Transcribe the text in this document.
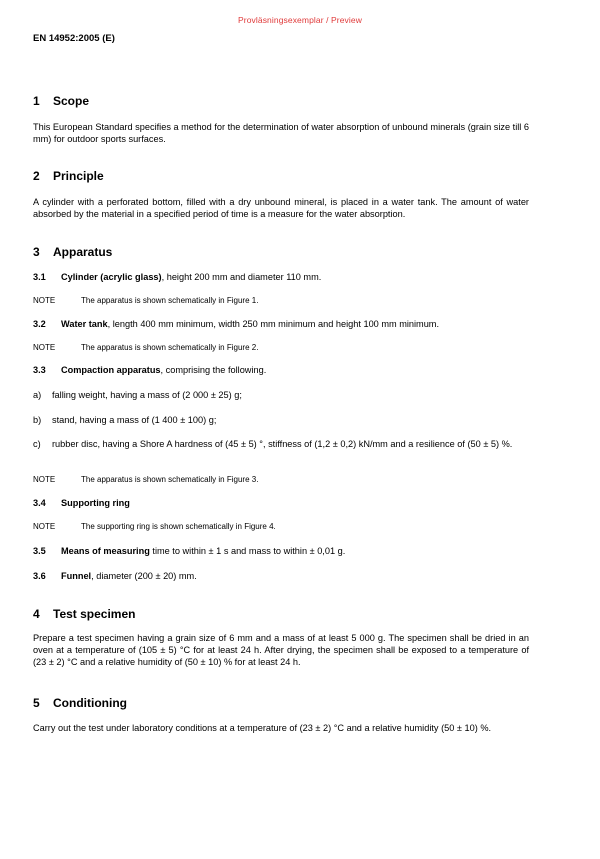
Provläsningsexemplar / Preview
EN 14952:2005 (E)
1 Scope

This European Standard specifies a method for the determination of water absorption of unbound minerals (grain size till 6 mm) for outdoor sports surfaces.

2 Principle

A cylinder with a perforated bottom, filled with a dry unbound mineral, is placed in a water tank. The amount of water absorbed by the material in a specified period of time is a measure for the water absorption.

3 Apparatus

3.1 Cylinder (acrylic glass), height 200 mm and diameter 110 mm.

NOTE	The apparatus is shown schematically in Figure 1.

3.2 Water tank, length 400 mm minimum, width 250 mm minimum and height 100 mm minimum.

NOTE	The apparatus is shown schematically in Figure 2.

3.3 Compaction apparatus, comprising the following.

a) falling weight, having a mass of (2 000 ± 25) g;
b) stand, having a mass of (1 400 ± 100) g;
c) rubber disc, having a Shore A hardness of (45 ± 5) °, stiffness of (1,2 ± 0,2) kN/mm and a resilience of (50 ± 5) %.

NOTE	The apparatus is shown schematically in Figure 3.

3.4 Supporting ring

NOTE	The supporting ring is shown schematically in Figure 4.

3.5 Means of measuring time to within ± 1 s and mass to within ± 0,01 g.

3.6 Funnel, diameter (200 ± 20) mm.

4 Test specimen

Prepare a test specimen having a grain size of 6 mm and a mass of at least 5 000 g. The specimen shall be dried in an oven at a temperature of (105 ± 5) °C for at least 24 h. After drying, the specimen shall be exposed to a temperature of (23 ± 2) °C and a relative humidity of (50 ± 10) % for at least 24 h.

5 Conditioning

Carry out the test under laboratory conditions at a temperature of (23 ± 2) °C and a relative humidity (50 ± 10) %.
